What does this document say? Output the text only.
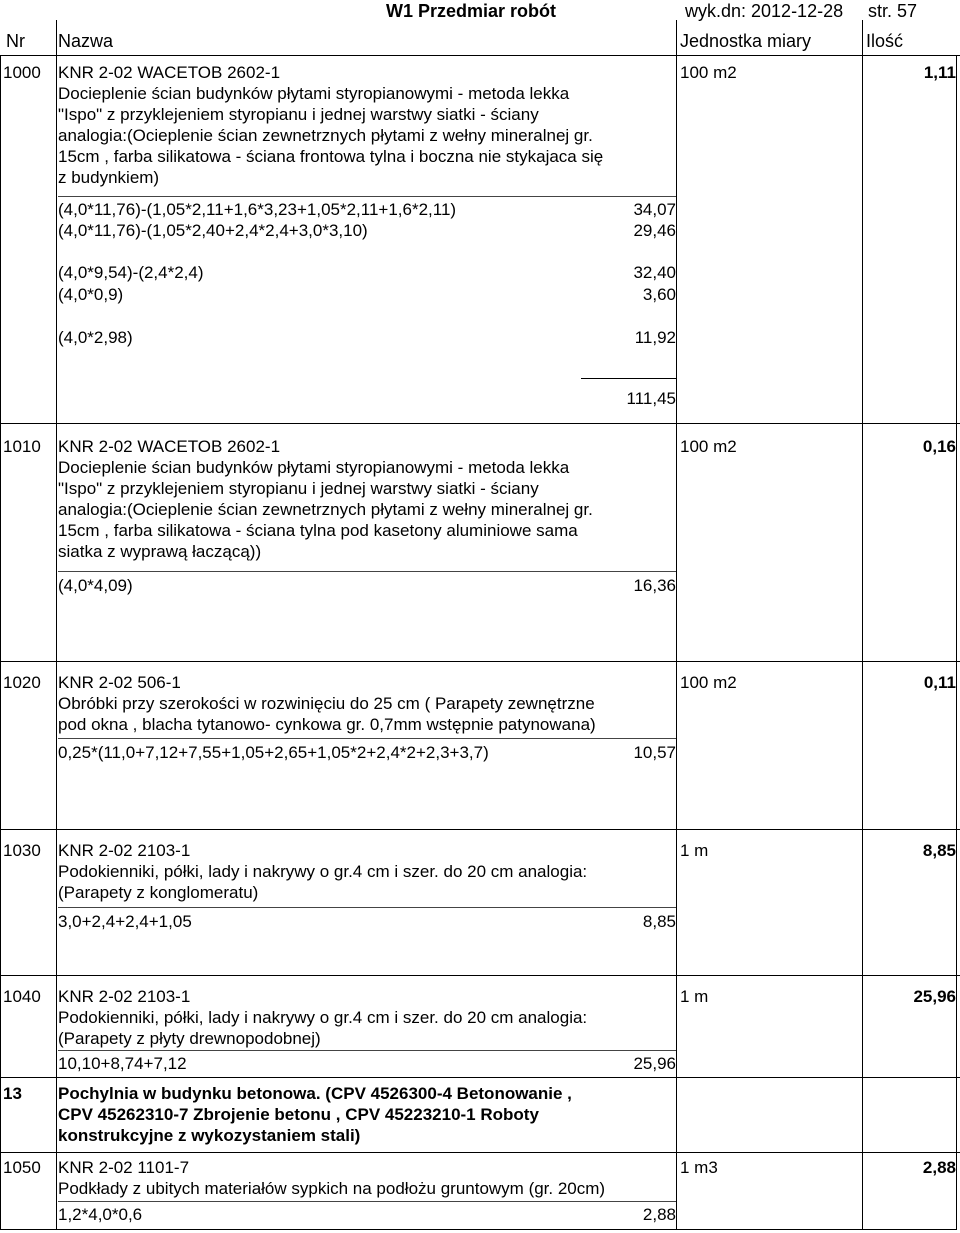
W1 Przedmiar robót	wyk.dn: 2012-12-28 str. 57
Nr Nazwa	Jednostka miary	Ilość
1000 KNR 2-02 WACETOB 2602-1
Docieplenie ścian budynków płytami styropianowymi - metoda lekka
"Ispo" z przyklejeniem styropianu i jednej warstwy siatki - ściany
analogia:(Ocieplenie ścian zewnetrznych płytami z wełny mineralnej gr.
15cm , farba silikatowa - ściana frontowa tylna i boczna nie stykajaca się
z budynkiem)
100 m2	1,11
(4,0*11,76)-(1,05*2,11+1,6*3,23+1,05*2,11+1,6*2,11)	34,07
(4,0*11,76)-(1,05*2,40+2,4*2,4+3,0*3,10)	29,46
(4,0*9,54)-(2,4*2,4)	32,40
(4,0*0,9)	3,60
(4,0*2,98)	11,92
111,45
1010 KNR 2-02 WACETOB 2602-1
Docieplenie ścian budynków płytami styropianowymi - metoda lekka
"Ispo" z przyklejeniem styropianu i jednej warstwy siatki - ściany
analogia:(Ocieplenie ścian zewnetrznych płytami z wełny mineralnej gr.
15cm , farba silikatowa - ściana tylna pod kasetony aluminiowe sama
siatka z wyprawą łaczącą))
100 m2	0,16
(4,0*4,09)	16,36
1020 KNR 2-02 506-1
Obróbki przy szerokości w rozwinięciu do 25 cm ( Parapety zewnętrzne
pod okna , blacha tytanowo- cynkowa gr. 0,7mm wstępnie patynowana)
100 m2	0,11
0,25*(11,0+7,12+7,55+1,05+2,65+1,05*2+2,4*2+2,3+3,7)	10,57
1030 KNR 2-02 2103-1
Podokienniki, półki, lady i nakrywy o gr.4 cm i szer. do 20 cm analogia:
(Parapety z konglomeratu)
1 m	8,85
3,0+2,4+2,4+1,05	8,85
1040 KNR 2-02 2103-1
Podokienniki, półki, lady i nakrywy o gr.4 cm i szer. do 20 cm analogia:
(Parapety z płyty drewnopodobnej)
1 m	25,96
10,10+8,74+7,12	25,96
13 Pochylnia w budynku betonowa. (CPV 4526300-4 Betonowanie ,
CPV 45262310-7 Zbrojenie betonu , CPV 45223210-1 Roboty
konstrukcyjne z wykozystaniem stali)
1050 KNR 2-02 1101-7
Podkłady z ubitych materiałów sypkich na podłożu gruntowym (gr. 20cm)
1 m3	2,88
1,2*4,0*0,6	2,88
